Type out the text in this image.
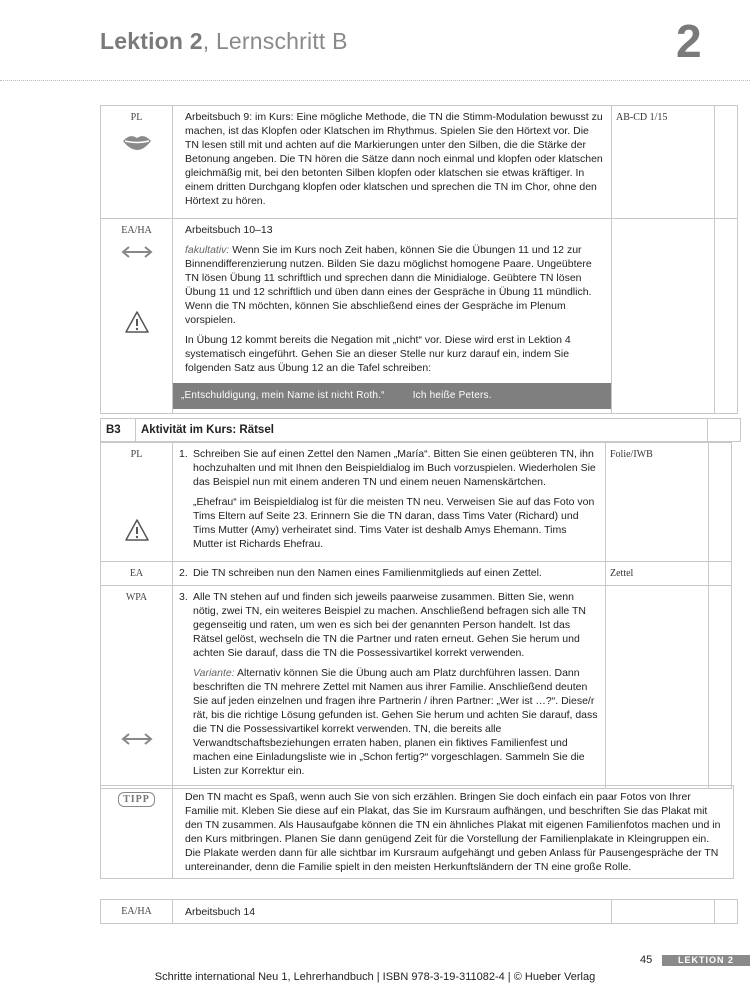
Lektion 2, Lernschritt B	2
PL	Arbeitsbuch 9: im Kurs: Eine mögliche Methode, die TN die Stimm-Modulation bewusst zu machen, ist das Klopfen oder Klatschen im Rhythmus. Spielen Sie den Hörtext vor. Die TN lesen still mit und achten auf die Markierungen unter den Silben, die die Stärke der Betonung angeben. Die TN hören die Sätze dann noch einmal und klopfen oder klatschen gleichmäßig mit, bei den betonten Silben klopfen oder klatschen sie etwas kräftiger. In einem dritten Durchgang klopfen oder klatschen und sprechen die TN im Chor, ohne den Hörtext zu hören.	AB-CD 1/15	

EA/HA	Arbeitsbuch 10–13

fakultativ: Wenn Sie im Kurs noch Zeit haben, können Sie die Übungen 11 und 12 zur Binnendifferenzierung nutzen. Bilden Sie dazu möglichst homogene Paare. Ungeübtere TN lösen Übung 11 schriftlich und sprechen dann die Minidialoge. Geübtere TN lösen Übung 11 und 12 schriftlich und üben dann eines der Gespräche in Übung 11 mündlich. Wenn die TN möchten, können Sie abschließend eines der Gespräche im Plenum vorspielen.

In Übung 12 kommt bereits die Negation mit „nicht“ vor. Diese wird erst in Lektion 4 systematisch eingeführt. Gehen Sie an dieser Stelle nur kurz darauf ein, indem Sie folgenden Satz aus Übung 12 an die Tafel schreiben:

„Entschuldigung, mein Name ist nicht Roth.“ Ich heiße Peters.		

B3	Aktivität im Kurs: Rätsel	
PL	1. Schreiben Sie auf einen Zettel den Namen „María“. Bitten Sie einen geübteren TN, ihn hochzuhalten und mit Ihnen den Beispieldialog im Buch vorzuspielen. Wiederholen Sie das Beispiel nun mit einem anderen TN und einem neuen Namenskärtchen.

„Ehefrau“ im Beispieldialog ist für die meisten TN neu. Verweisen Sie auf das Foto von Tims Eltern auf Seite 23. Erinnern Sie die TN daran, dass Tims Vater (Richard) und Tims Mutter (Amy) verheiratet sind. Tims Vater ist deshalb Amys Ehemann. Tims Mutter ist Richards Ehefrau.	Folie/IWB	

EA	2. Die TN schreiben nun den Namen eines Familienmitglieds auf einen Zettel.	Zettel	

WPA	3. Alle TN stehen auf und finden sich jeweils paarweise zusammen. Bitten Sie, wenn nötig, zwei TN, ein weiteres Beispiel zu machen. Anschließend befragen sich alle TN gegenseitig und raten, um wen es sich bei der genannten Person handelt. Ist das Rätsel gelöst, wechseln die TN die Partner und raten erneut. Gehen Sie herum und achten Sie darauf, dass die TN die Possessivartikel korrekt verwenden.

Variante: Alternativ können Sie die Übung auch am Platz durchführen lassen. Dann beschriften die TN mehrere Zettel mit Namen aus ihrer Familie. Anschließend deuten Sie auf jeden einzelnen und fragen ihre Partnerin / ihren Partner: „Wer ist …?“. Diese/r rät, bis die richtige Lösung gefunden ist. Gehen Sie herum und achten Sie darauf, dass die TN die Possessivartikel korrekt verwenden. TN, die bereits alle Verwandtschaftsbeziehungen erraten haben, planen ein fiktives Familienfest und machen eine Einladungsliste wie in „Schon fertig?“ vorgeschlagen. Sammeln Sie die Listen zur Korrektur ein.		

TIPP	Den TN macht es Spaß, wenn auch Sie von sich erzählen. Bringen Sie doch einfach ein paar Fotos von Ihrer Familie mit. Kleben Sie diese auf ein Plakat, das Sie im Kursraum aufhängen, und beschriften Sie das Plakat mit den TN zusammen. Als Hausaufgabe können die TN ein ähnliches Plakat mit eigenen Familienfotos machen und in den Kurs mitbringen. Planen Sie dann genügend Zeit für die Vorstellung der Familienplakate in Kleingruppen ein. Die Plakate werden dann für alle sichtbar im Kursraum aufgehängt und geben Anlass für Pausengespräche der TN untereinander, denn die Familie spielt in den meisten Herkunftsländern der TN eine große Rolle.
EA/HA	Arbeitsbuch 14		
45	LEKTION 2
Schritte international Neu 1, Lehrerhandbuch | ISBN 978-3-19-311082-4 | © Hueber Verlag
